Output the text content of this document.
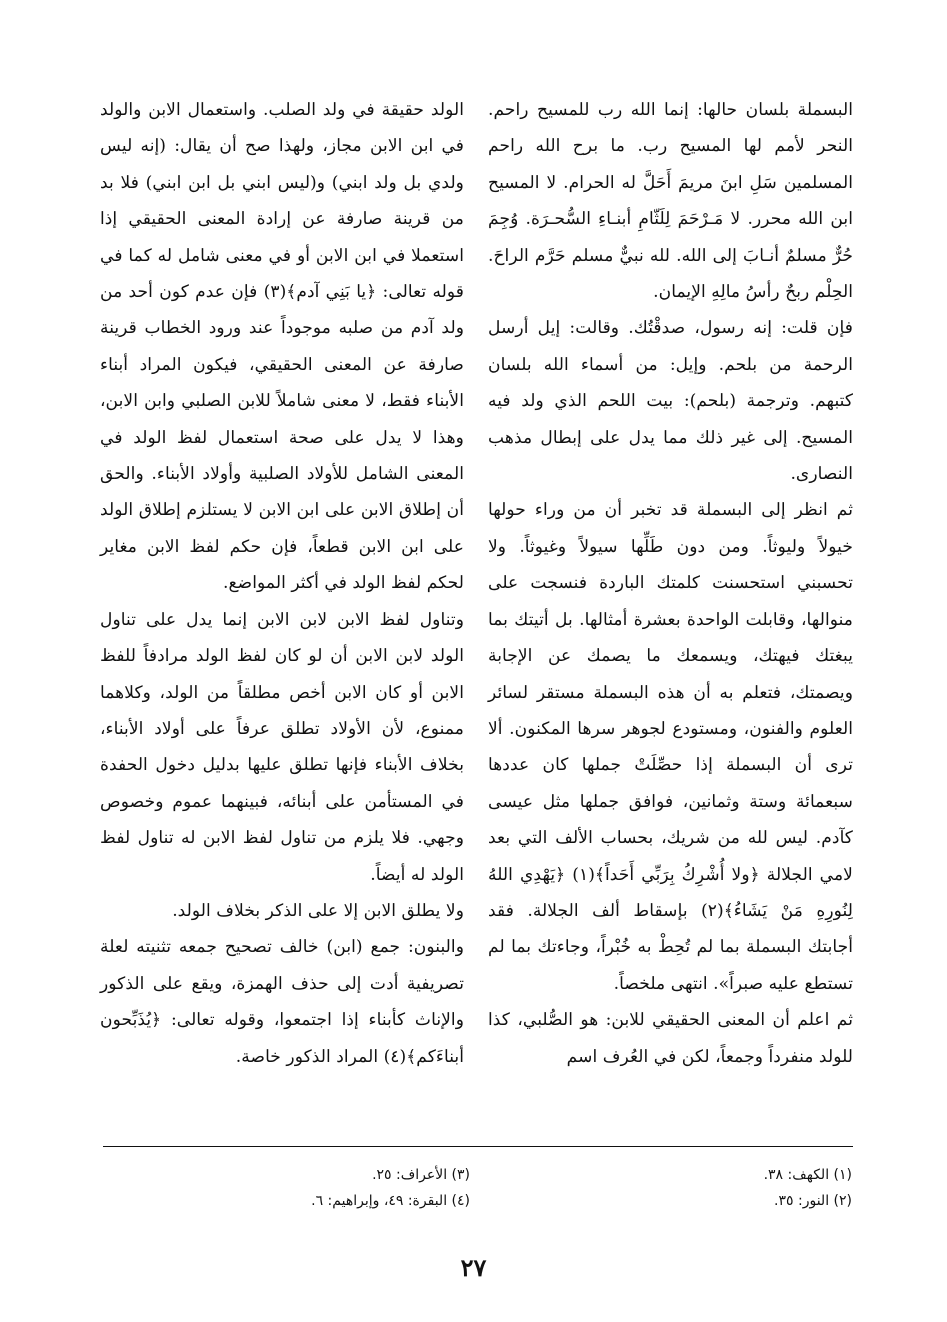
البسملة بلسان حالها: إنما الله رب للمسيح راحم. النحر لأمم لها المسيح رب. ما برح الله راحم المسلمين سَلِ ابنَ مريمَ أَحَلَّ له الحرام. لا المسيح ابن الله محرر. لا مَـرْحَمَ لِلَثّامِ أبنـاءِ السُّحـرَة. وُجِمَ حُرٌّ مسلمٌ أنـابَ إلى الله. لله نبيٌّ مسلم حَرَّم الراحَ. الحِلْم ربحٌ رأسُ مالِهِ الإيمان.

فإن قلت: إنه رسول، صدقْتُك. وقالت: إيل أرسل الرحمة من بلحم. وإيل: من أسماء الله بلسان كتبهم. وترجمة (بلحم): بيت اللحم الذي ولد فيه المسيح. إلى غير ذلك مما يدل على إبطال مذهب النصارى.

ثم انظر إلى البسملة قد تخبر أن من وراء حولها خيولاً وليوثاً. ومن دون طَلِّها سيولاً وغيوثاً. ولا تحسبني استحسنت كلمتك الباردة فنسجت على منوالها، وقابلت الواحدة بعشرة أمثالها. بل أتيتك بما يبغتك فيهتك، ويسمعك ما يصمك عن الإجابة ويصمتك، فتعلم به أن هذه البسملة مستقر لسائر العلوم والفنون، ومستودع لجوهر سرها المكنون. ألا ترى أن البسملة إذا حصِّلَتْ جملها كان عددها سبعمائة وستة وثمانين، فوافق جملها مثل عيسى كآدم. ليس لله من شريك، بحساب الألف التي بعد لامي الجلالة ﴿ولا أُشْرِكُ بِرَبِّي أَحَداً﴾(١) ﴿يَهْدِي اللهُ لِنُورِهِ مَنْ يَشَاءُ﴾(٢) بإسقاط ألف الجلالة. فقد أجابتك البسملة بما لم تُحِطْ به خُبْراً، وجاءتك بما لم تستطع عليه صبراً». انتهى ملخصاً.

ثم اعلم أن المعنى الحقيقي للابن: هو الصُّلبي، كذا للولد منفرداً وجمعاً، لكن في العُرف اسم

الولد حقيقة في ولد الصلب. واستعمال الابن والولد في ابن الابن مجاز، ولهذا صح أن يقال: (إنه ليس ولدي بل ولد ابني) و(ليس ابني بل ابن ابني) فلا بد من قرينة صارفة عن إرادة المعنى الحقيقي إذا استعملا في ابن الابن أو في معنى شامل له كما في قوله تعالى: ﴿يا بَنِي آدم﴾(٣) فإن عدم كون أحد من ولد آدم من صلبه موجوداً عند ورود الخطاب قرينة صارفة عن المعنى الحقيقي، فيكون المراد أبناء الأبناء فقط، لا معنى شاملاً للابن الصلبي وابن الابن، وهذا لا يدل على صحة استعمال لفظ الولد في المعنى الشامل للأولاد الصلبية وأولاد الأبناء. والحق أن إطلاق الابن على ابن الابن لا يستلزم إطلاق الولد على ابن الابن قطعاً، فإن حكم لفظ الابن مغاير لحكم لفظ الولد في أكثر المواضع.

وتناول لفظ الابن لابن الابن إنما يدل على تناول الولد لابن الابن أن لو كان لفظ الولد مرادفاً للفظ الابن أو كان الابن أخص مطلقاً من الولد، وكلاهما ممنوع، لأن الأولاد تطلق عرفاً على أولاد الأبناء، بخلاف الأبناء فإنها تطلق عليها بدليل دخول الحفدة في المستأمن على أبنائه، فبينهما عموم وخصوص وجهي. فلا يلزم من تناول لفظ الابن له تناول لفظ الولد له أيضاً.

ولا يطلق الابن إلا على الذكر بخلاف الولد.

والبنون: جمع (ابن) خالف تصحيح جمعه تثنيته لعلة تصريفية أدت إلى حذف الهمزة، ويقع على الذكور والإناث كأبناء إذا اجتمعوا، وقوله تعالى: ﴿يُذَبِّحون أبناءَكم﴾(٤) المراد الذكور خاصة.

(١) الكهف: ٣٨.
(٢) النور: ٣٥.
(٣) الأعراف: ٢٥.
(٤) البقرة: ٤٩، وإبراهيم: ٦.
٢٧
